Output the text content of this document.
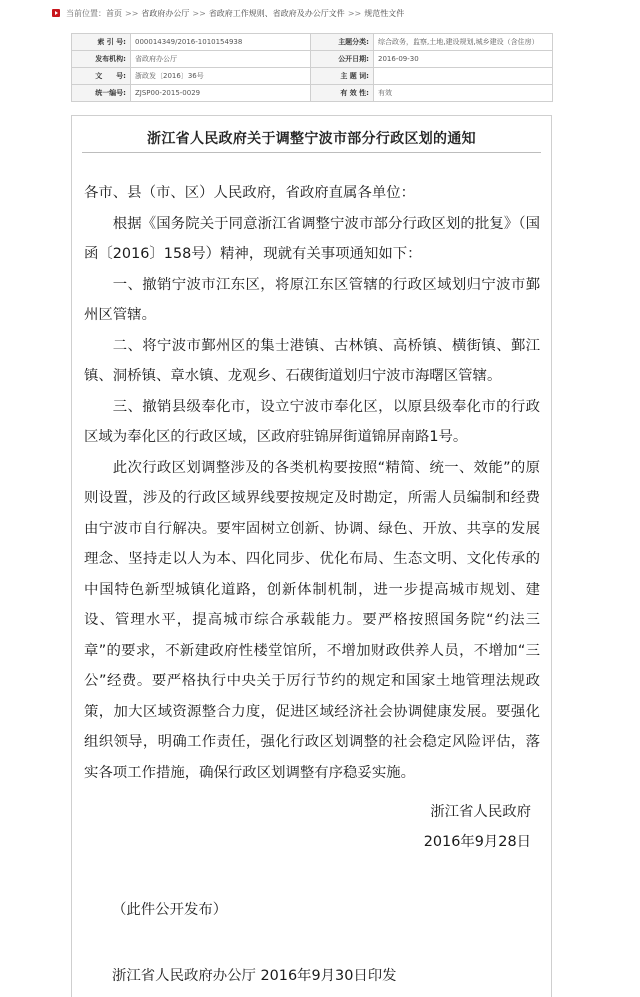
当前位置： 首页 >> 省政府办公厅 >> 省政府工作规则、省政府及办公厅文件 >> 规范性文件
索 引 号:	000014349/2016-1010154938	主题分类:	综合政务，监察,土地,建设规划,城乡建设（含住房）
发布机构:	省政府办公厅	公开日期:	2016-09-30
文　　号:	浙政发〔2016〕36号	主 题 词:	
统一编号:	ZJSP00-2015-0029	有 效 性:	有效
浙江省人民政府关于调整宁波市部分行政区划的通知

各市、县（市、区）人民政府，省政府直属各单位：

根据《国务院关于同意浙江省调整宁波市部分行政区划的批复》（国函〔2016〕158号）精神，现就有关事项通知如下：

一、撤销宁波市江东区，将原江东区管辖的行政区域划归宁波市鄞州区管辖。

二、将宁波市鄞州区的集士港镇、古林镇、高桥镇、横街镇、鄞江镇、洞桥镇、章水镇、龙观乡、石碶街道划归宁波市海曙区管辖。

三、撤销县级奉化市，设立宁波市奉化区，以原县级奉化市的行政区域为奉化区的行政区域，区政府驻锦屏街道锦屏南路1号。

此次行政区划调整涉及的各类机构要按照“精简、统一、效能”的原则设置，涉及的行政区域界线要按规定及时勘定，所需人员编制和经费由宁波市自行解决。要牢固树立创新、协调、绿色、开放、共享的发展理念、坚持走以人为本、四化同步、优化布局、生态文明、文化传承的中国特色新型城镇化道路，创新体制机制，进一步提高城市规划、建设、管理水平，提高城市综合承载能力。要严格按照国务院“约法三章”的要求，不新建政府性楼堂馆所，不增加财政供养人员，不增加“三公”经费。要严格执行中央关于厉行节约的规定和国家土地管理法规政策，加大区域资源整合力度，促进区域经济社会协调健康发展。要强化组织领导，明确工作责任，强化行政区划调整的社会稳定风险评估，落实各项工作措施，确保行政区划调整有序稳妥实施。

浙江省人民政府
2016年9月28日
（此件公开发布）
浙江省人民政府办公厅 2016年9月30日印发
